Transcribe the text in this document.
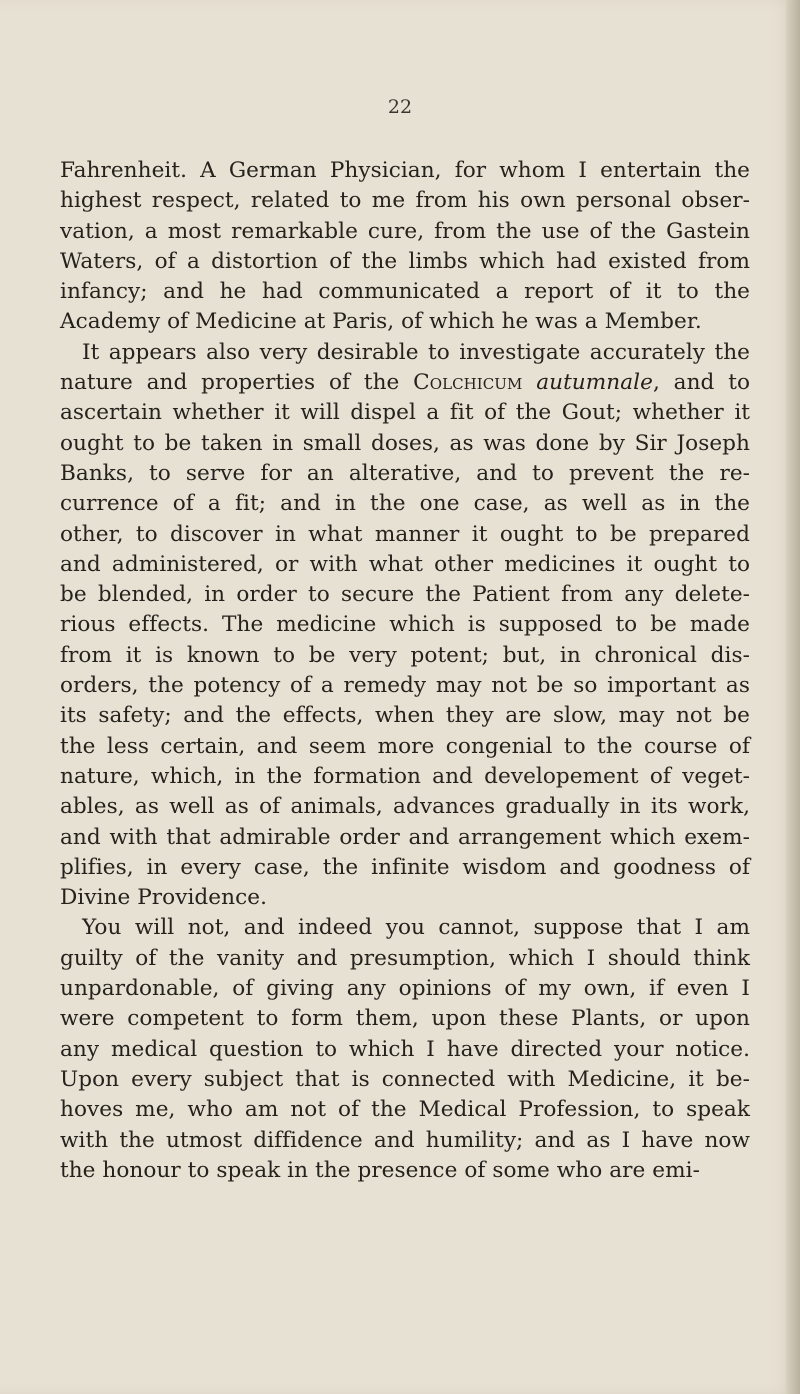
22
Fahrenheit. A German Physician, for whom I entertain the
highest respect, related to me from his own personal obser-
vation, a most remarkable cure, from the use of the Gastein
Waters, of a distortion of the limbs which had existed from
infancy; and he had communicated a report of it to the
Academy of Medicine at Paris, of which he was a Member.
It appears also very desirable to investigate accurately the
nature and properties of the Colchicum autumnale, and to
ascertain whether it will dispel a fit of the Gout; whether it
ought to be taken in small doses, as was done by Sir Joseph
Banks, to serve for an alterative, and to prevent the re-
currence of a fit; and in the one case, as well as in the
other, to discover in what manner it ought to be prepared
and administered, or with what other medicines it ought to
be blended, in order to secure the Patient from any delete-
rious effects. The medicine which is supposed to be made
from it is known to be very potent; but, in chronical dis-
orders, the potency of a remedy may not be so important as
its safety; and the effects, when they are slow, may not be
the less certain, and seem more congenial to the course of
nature, which, in the formation and developement of veget-
ables, as well as of animals, advances gradually in its work,
and with that admirable order and arrangement which exem-
plifies, in every case, the infinite wisdom and goodness of
Divine Providence.
You will not, and indeed you cannot, suppose that I am
guilty of the vanity and presumption, which I should think
unpardonable, of giving any opinions of my own, if even I
were competent to form them, upon these Plants, or upon
any medical question to which I have directed your notice.
Upon every subject that is connected with Medicine, it be-
hoves me, who am not of the Medical Profession, to speak
with the utmost diffidence and humility; and as I have now
the honour to speak in the presence of some who are emi-
